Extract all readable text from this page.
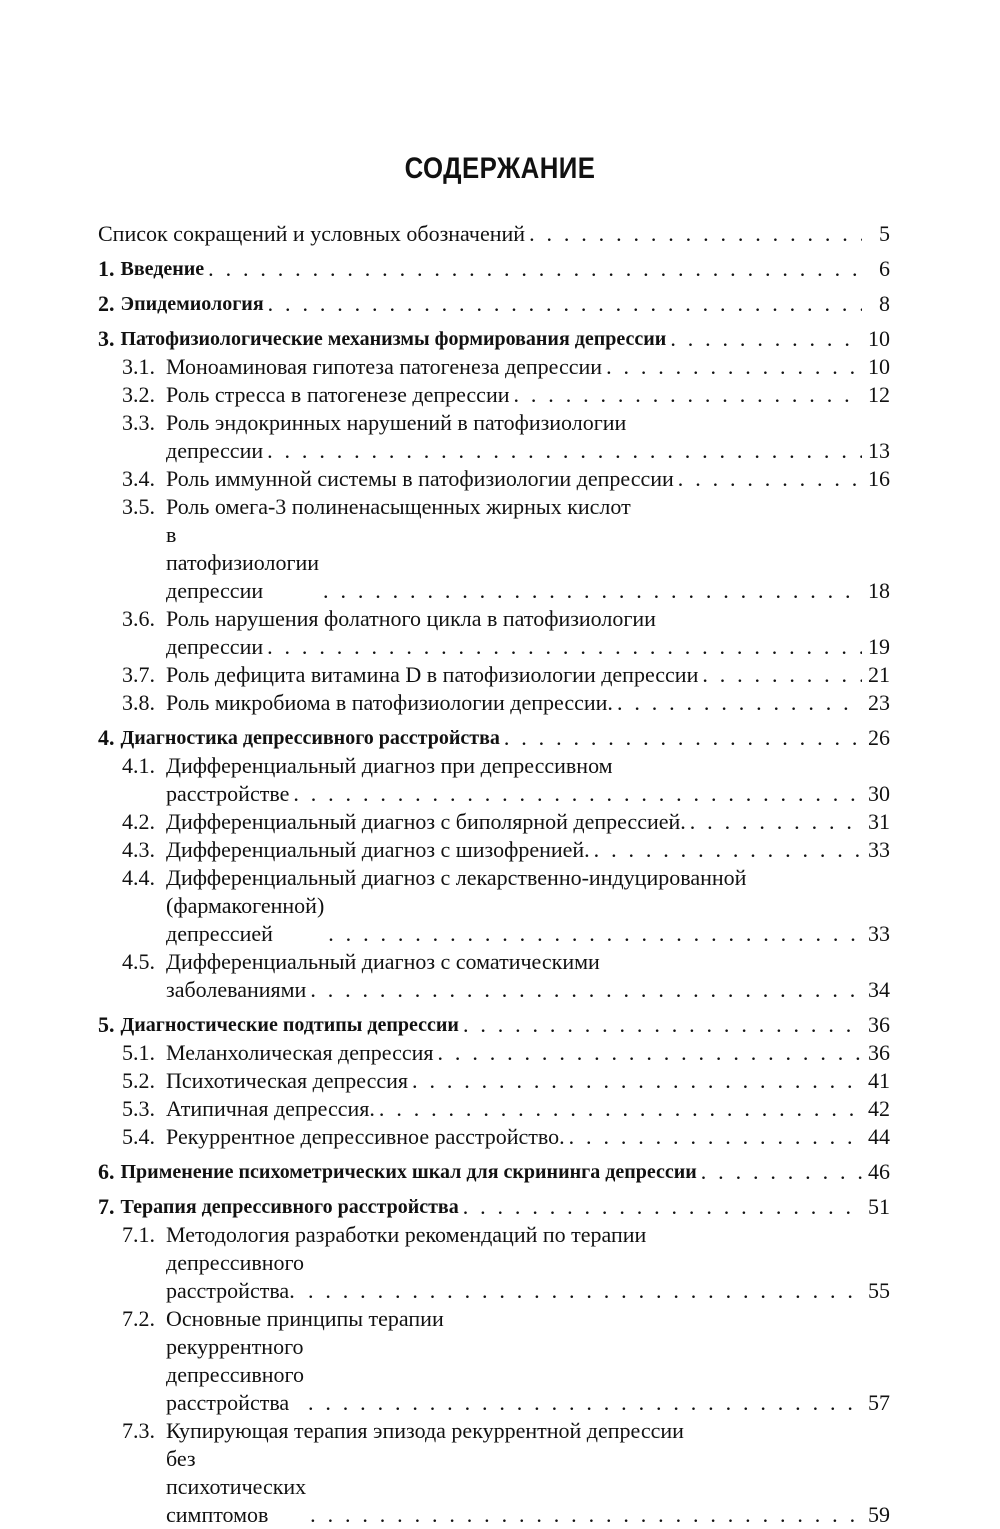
СОДЕРЖАНИЕ
Список сокращений и условных обозначений . . .	5
1. Введение . . .	6
2. Эпидемиология . . .	8
3. Патофизиологические механизмы формирования депрессии . . .	10
3.1. Моноаминовая гипотеза патогенеза депрессии . . .	10
3.2. Роль стресса в патогенезе депрессии . . .	12
3.3. Роль эндокринных нарушений в патофизиологии
депрессии . . .	13
3.4. Роль иммунной системы в патофизиологии депрессии . . .	16
3.5. Роль омега-3 полиненасыщенных жирных кислот
в патофизиологии депрессии . . .	18
3.6. Роль нарушения фолатного цикла в патофизиологии
депрессии . . .	19
3.7. Роль дефицита витамина D в патофизиологии депрессии . . .	21
3.8. Роль микробиома в патофизиологии депрессии. . . .	23
4. Диагностика депрессивного расстройства . . .	26
4.1. Дифференциальный диагноз при депрессивном
расстройстве . . .	30
4.2. Дифференциальный диагноз с биполярной депрессией. . . .	31
4.3. Дифференциальный диагноз с шизофренией. . . .	33
4.4. Дифференциальный диагноз с лекарственно-индуцированной
(фармакогенной) депрессией . . .	33
4.5. Дифференциальный диагноз с соматическими
заболеваниями . . .	34
5. Диагностические подтипы депрессии . . .	36
5.1. Меланхолическая депрессия . . .	36
5.2. Психотическая депрессия . . .	41
5.3. Атипичная депрессия. . . .	42
5.4. Рекуррентное депрессивное расстройство. . . .	44
6. Применение психометрических шкал для скрининга депрессии . . .	46
7. Терапия депрессивного расстройства . . .	51
7.1. Методология разработки рекомендаций по терапии
депрессивного расстройства. . . .	55
7.2. Основные принципы терапии
рекуррентного депрессивного расстройства . . .	57
7.3. Купирующая терапия эпизода рекуррентной депрессии
без психотических симптомов . . .	59
